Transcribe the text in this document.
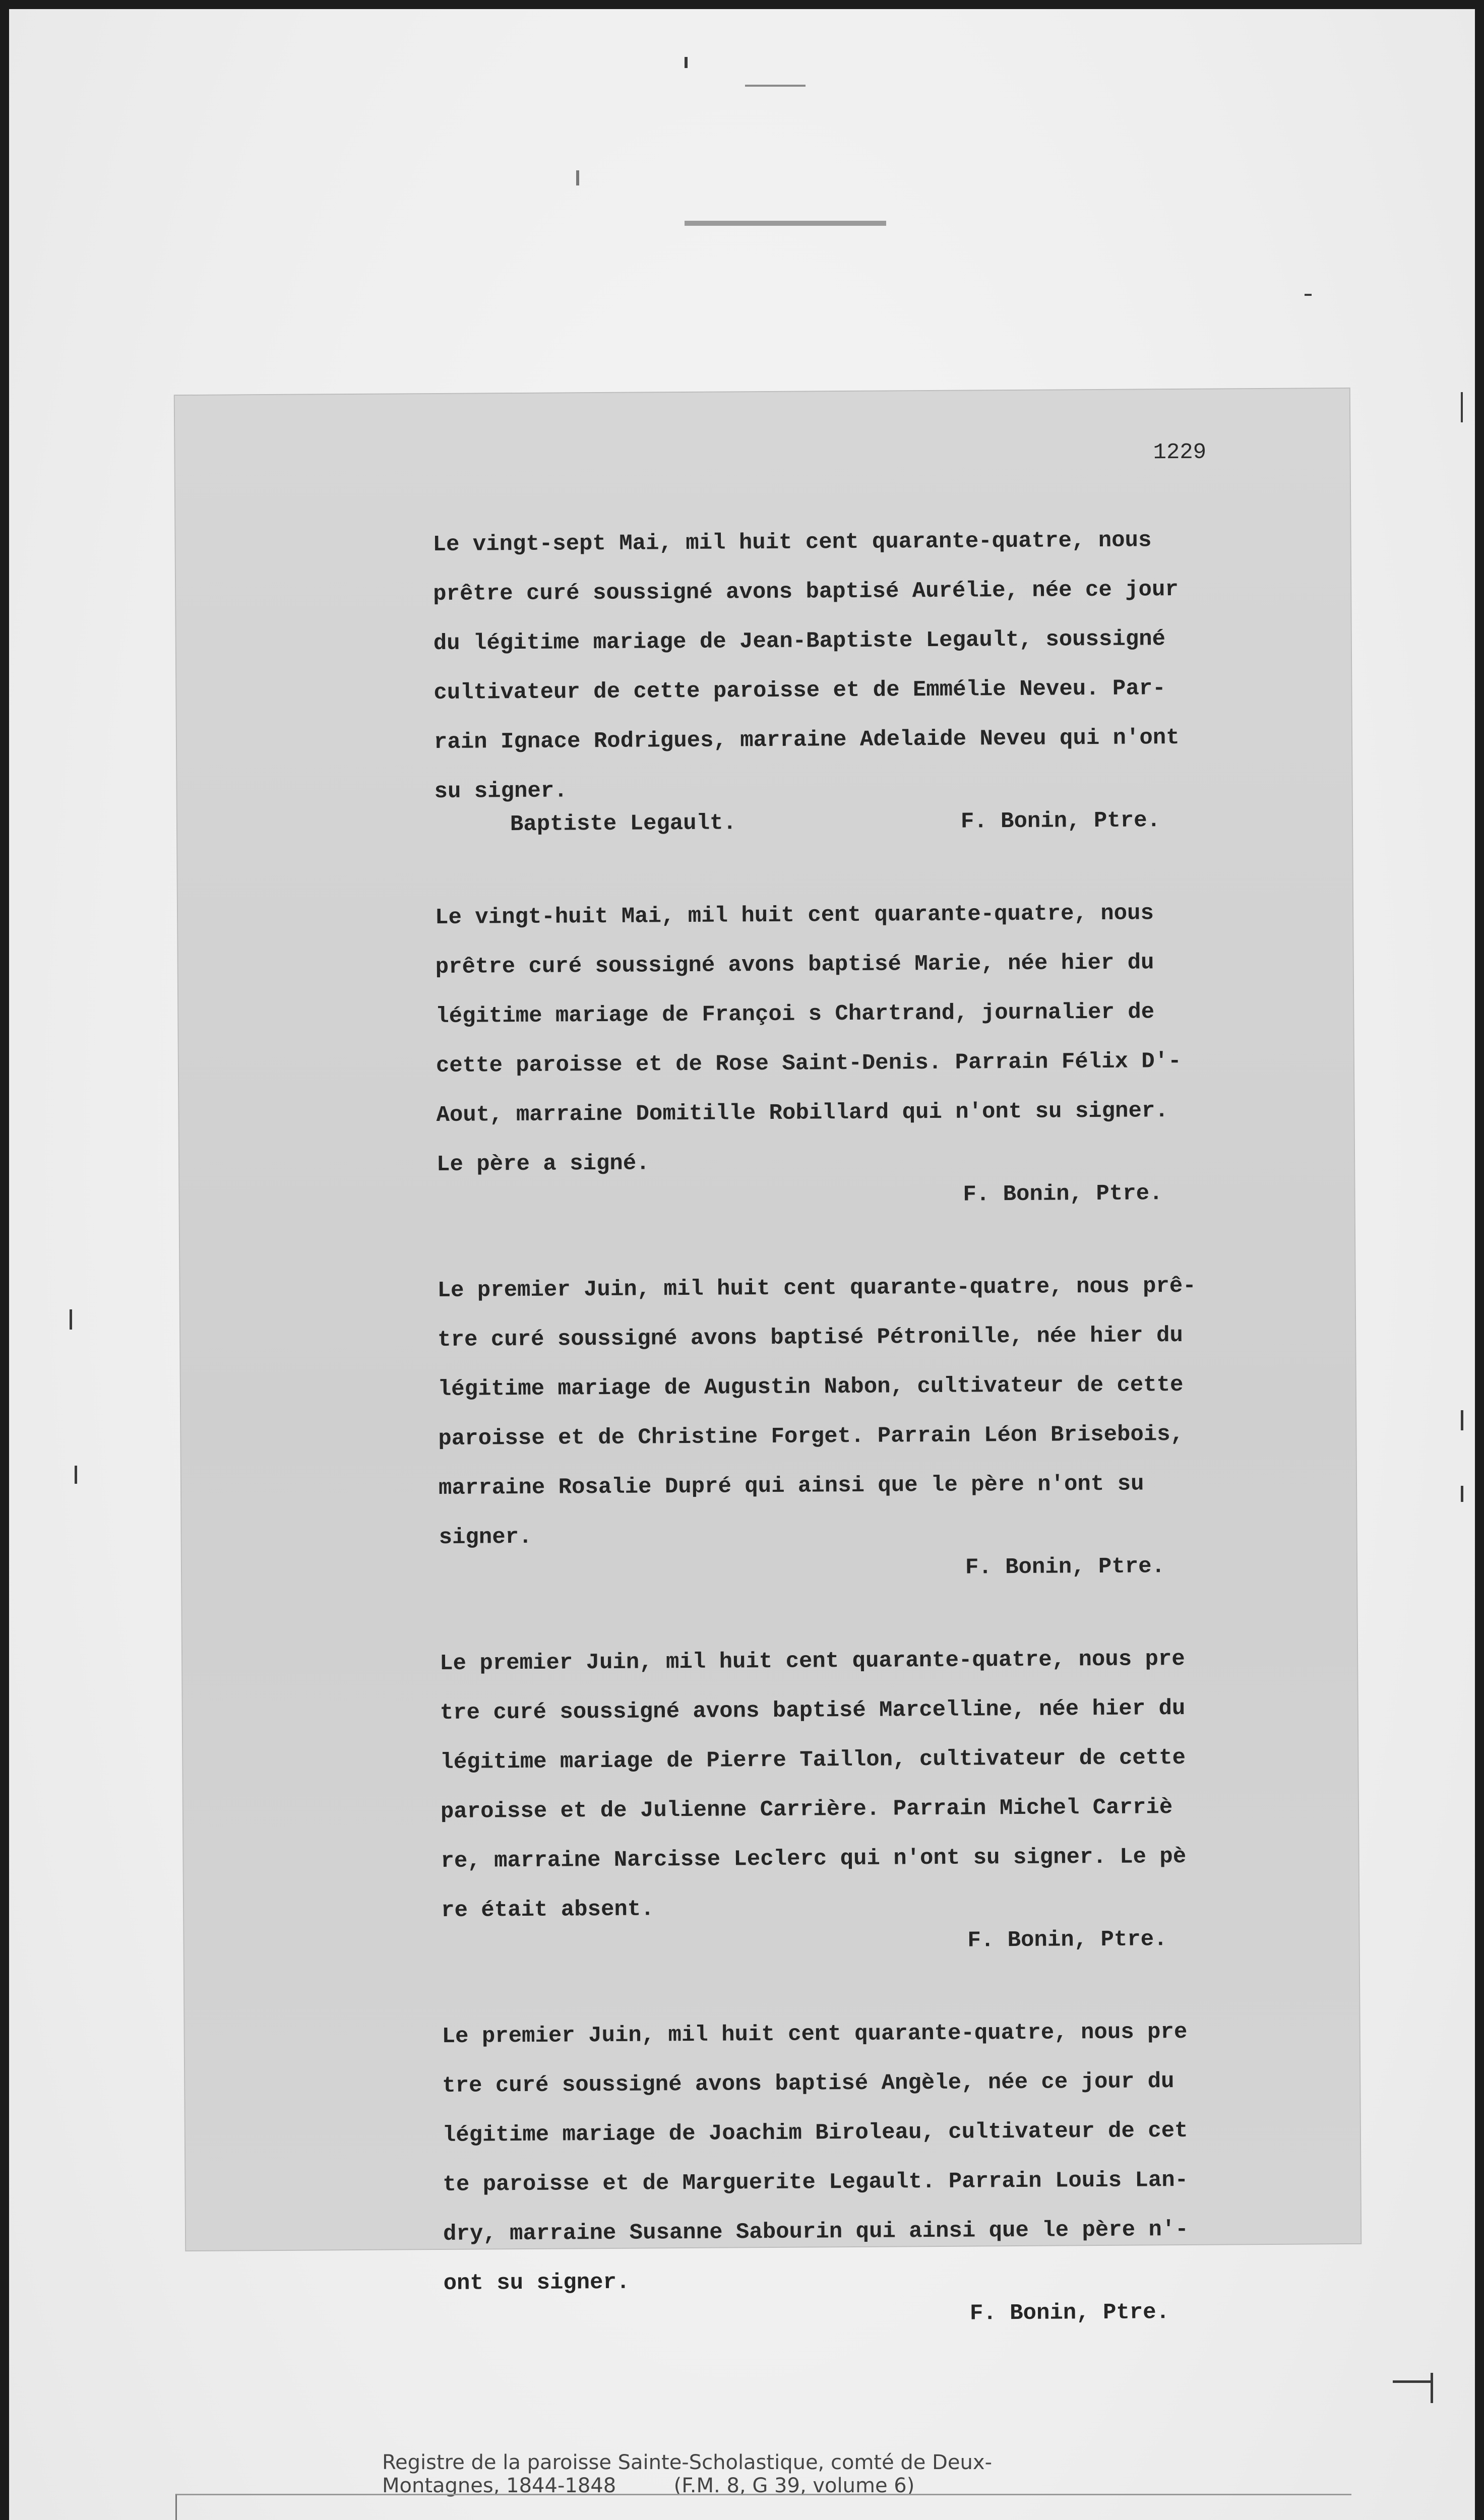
1229

Le vingt-sept Mai, mil huit cent quarante-quatre, nous

prêtre curé soussigné avons baptisé Aurélie, née ce jour

du légitime mariage de Jean-Baptiste Legault, soussigné

cultivateur de cette paroisse et de Emmélie Neveu. Par-

rain Ignace Rodrigues, marraine Adelaide Neveu qui n'ont

su signer.

Baptiste Legault.	F. Bonin, Ptre.

Le vingt-huit Mai, mil huit cent quarante-quatre, nous

prêtre curé soussigné avons baptisé Marie, née hier du

légitime mariage de Françoi s Chartrand, journalier de

cette paroisse et de Rose Saint-Denis. Parrain Félix D'-

Aout, marraine Domitille Robillard qui n'ont su signer.

Le père a signé.

F. Bonin, Ptre.

Le premier Juin, mil huit cent quarante-quatre, nous prê-

tre curé soussigné avons baptisé Pétronille, née hier du

légitime mariage de Augustin Nabon, cultivateur de cette

paroisse et de Christine Forget. Parrain Léon Brisebois,

marraine Rosalie Dupré qui ainsi que le père n'ont su

signer.

F. Bonin, Ptre.

Le premier Juin, mil huit cent quarante-quatre, nous pre

tre curé soussigné avons baptisé Marcelline, née hier du

légitime mariage de Pierre Taillon, cultivateur de cette

paroisse et de Julienne Carrière. Parrain Michel Carriè

re, marraine Narcisse Leclerc qui n'ont su signer. Le pè

re était absent.

F. Bonin, Ptre.

Le premier Juin, mil huit cent quarante-quatre, nous pre

tre curé soussigné avons baptisé Angèle, née ce jour du

légitime mariage de Joachim Biroleau, cultivateur de cet

te paroisse et de Marguerite Legault. Parrain Louis Lan-

dry, marraine Susanne Sabourin qui ainsi que le père n'-

ont su signer.

F. Bonin, Ptre.
Registre de la paroisse Sainte-Scholastique, comté de Deux-
Montagnes, 1844-1848         (F.M. 8, G 39, volume 6)
